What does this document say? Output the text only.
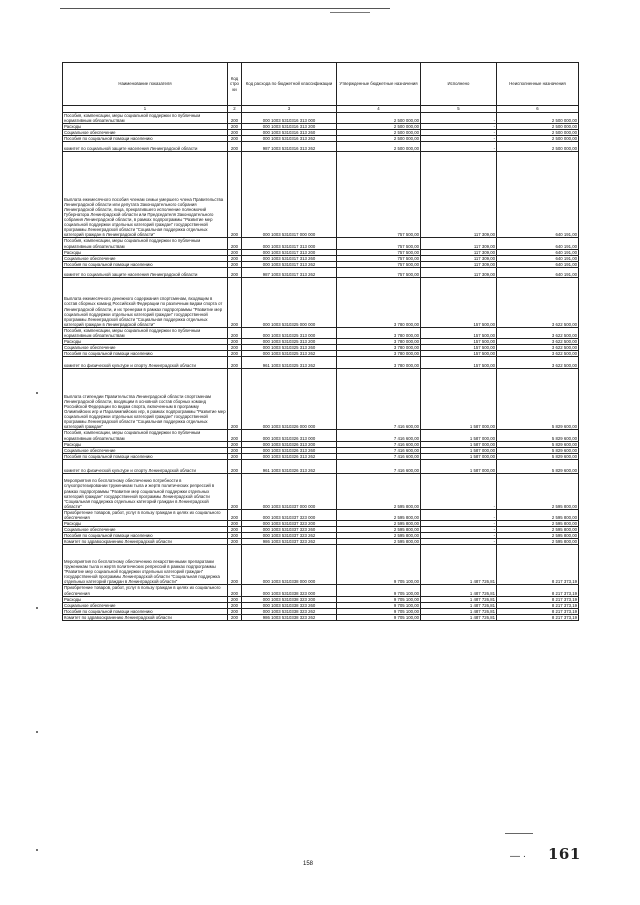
Наименование показателя	Код стро ки	Код расхода по бюджетной классификации	Утвержденные бюджетные назначения	Исполнено	Неисполненные назначения
1	2	3	4	5	6
Пособия, компенсации, меры социальной поддержки по публичным нормативным обязательствам	200	000 1003 5310316 313 000	2 500 000,00	-	2 500 000,00
Расходы	200	000 1003 5310316 313 200	2 500 000,00	-	2 500 000,00
Социальное обеспечение	200	000 1003 5310316 313 260	2 500 000,00	-	2 500 000,00
Пособия по социальной помощи населению	200	000 1003 5310316 313 262	2 500 000,00	-	2 500 000,00
комитет по социальной защите населения Ленинградской области	200	987 1003 5310316 313 262	2 500 000,00	-	2 500 000,00
Выплата ежемесячного пособия членам семьи умершего члена Правительства Ленинградской области или депутата Законодательного собрания Ленинградской области, лица, прекратившего исполнение полномочий Губернатора Ленинградской области или Председателя Законодательного собрания Ленинградской области, в рамках подпрограммы "Развитие мер социальной поддержки отдельных категорий граждан" государственной программы Ленинградской области "Социальная поддержка отдельных категорий граждан в Ленинградской области"	200	000 1003 5310317 000 000	757 500,00	117 309,00	640 191,00
Пособия, компенсации, меры социальной поддержки по публичным нормативным обязательствам	200	000 1003 5310317 313 000	757 500,00	117 309,00	640 191,00
Расходы	200	000 1003 5310317 313 200	757 500,00	117 309,00	640 191,00
Социальное обеспечение	200	000 1003 5310317 313 260	757 500,00	117 309,00	640 191,00
Пособия по социальной помощи населению	200	000 1003 5310317 313 262	757 500,00	117 309,00	640 191,00
комитет по социальной защите населения Ленинградской области	200	987 1003 5310317 313 262	757 500,00	117 309,00	640 191,00
Выплата ежемесячного денежного содержания спортсменам, входящим в состав сборных команд Российской Федерации по различным видам спорта от Ленинградской области, и их тренерам в рамках подпрограммы "Развитие мер социальной поддержки отдельных категорий граждан" государственной программы Ленинградской области "Социальная поддержка отдельных категорий граждан в Ленинградской области"	200	000 1003 5310325 000 000	3 780 000,00	157 500,00	3 622 500,00
Пособия, компенсации, меры социальной поддержки по публичным нормативным обязательствам	200	000 1003 5310325 313 000	3 780 000,00	157 500,00	3 622 500,00
Расходы	200	000 1003 5310325 313 200	3 780 000,00	157 500,00	3 622 500,00
Социальное обеспечение	200	000 1003 5310325 313 260	3 780 000,00	157 500,00	3 622 500,00
Пособия по социальной помощи населению	200	000 1003 5310325 313 262	3 780 000,00	157 500,00	3 622 500,00
комитет по физической культуре и спорту Ленинградской области	200	961 1003 5310325 313 262	3 780 000,00	157 500,00	3 622 500,00
Выплата стипендии Правительства Ленинградской области спортсменам Ленинградской области, входящим в основной состав сборных команд Российской Федерации по видам спорта, включенным в программу Олимпийских игр и Паралимпийских игр, в рамках подпрограммы "Развитие мер социальной поддержки отдельных категорий граждан" государственной программы Ленинградской области "Социальная поддержка отдельных категорий граждан"	200	000 1003 5310326 000 000	7 416 600,00	1 587 000,00	5 829 600,00
Пособия, компенсации, меры социальной поддержки по публичным нормативным обязательствам	200	000 1003 5310326 313 000	7 416 600,00	1 587 000,00	5 829 600,00
Расходы	200	000 1003 5310326 313 200	7 416 600,00	1 587 000,00	5 829 600,00
Социальное обеспечение	200	000 1003 5310326 313 260	7 416 600,00	1 587 000,00	5 829 600,00
Пособия по социальной помощи населению	200	000 1003 5310326 313 262	7 416 600,00	1 587 000,00	5 829 600,00
комитет по физической культуре и спорту Ленинградской области	200	961 1003 5310326 313 262	7 416 600,00	1 587 000,00	5 829 600,00
Мероприятия по бесплатному обеспечению потребности в слухопротезировании труженикам тыла и жертв политических репрессий в рамках подпрограммы "Развитие мер социальной поддержки отдельных категорий граждан" государственной программы Ленинградской области "Социальная поддержка отдельных категорий граждан в Ленинградской области"	200	000 1003 5310337 000 000	2 595 800,00	-	2 595 800,00
Приобретение товаров, работ, услуг в пользу граждан в целях их социального обеспечения	200	000 1003 5310337 323 000	2 595 800,00	-	2 595 800,00
Расходы	200	000 1003 5310337 323 200	2 595 800,00	-	2 595 800,00
Социальное обеспечение	200	000 1003 5310337 323 260	2 595 800,00	-	2 595 800,00
Пособия по социальной помощи населению	200	000 1003 5310337 323 262	2 595 800,00	-	2 595 800,00
Комитет по здравоохранению Ленинградской области	200	986 1003 5310337 323 262	2 595 800,00	-	2 595 800,00
Мероприятия по бесплатному обеспечению лекарственными препаратами труженикам тыла и жертв политических репрессий в рамках подпрограммы "Развитие мер социальной поддержки отдельных категорий граждан" государственной программы Ленинградской области "Социальная поддержка отдельных категорий граждан в Ленинградской области"	200	000 1003 5310338 000 000	9 705 100,00	1 487 726,81	8 217 373,19
Приобретение товаров, работ, услуг в пользу граждан в целях их социального обеспечения	200	000 1003 5310338 323 000	9 705 100,00	1 487 726,81	8 217 373,19
Расходы	200	000 1003 5310338 323 200	9 705 100,00	1 487 726,81	8 217 373,19
Социальное обеспечение	200	000 1003 5310338 323 260	9 705 100,00	1 487 726,81	8 217 373,19
Пособия по социальной помощи населению	200	000 1003 5310338 323 262	9 705 100,00	1 487 726,81	8 217 373,19
Комитет по здравоохранению Ленинградской области	200	986 1003 5310338 323 262	9 705 100,00	1 487 726,81	8 217 373,19
158
— · 161
